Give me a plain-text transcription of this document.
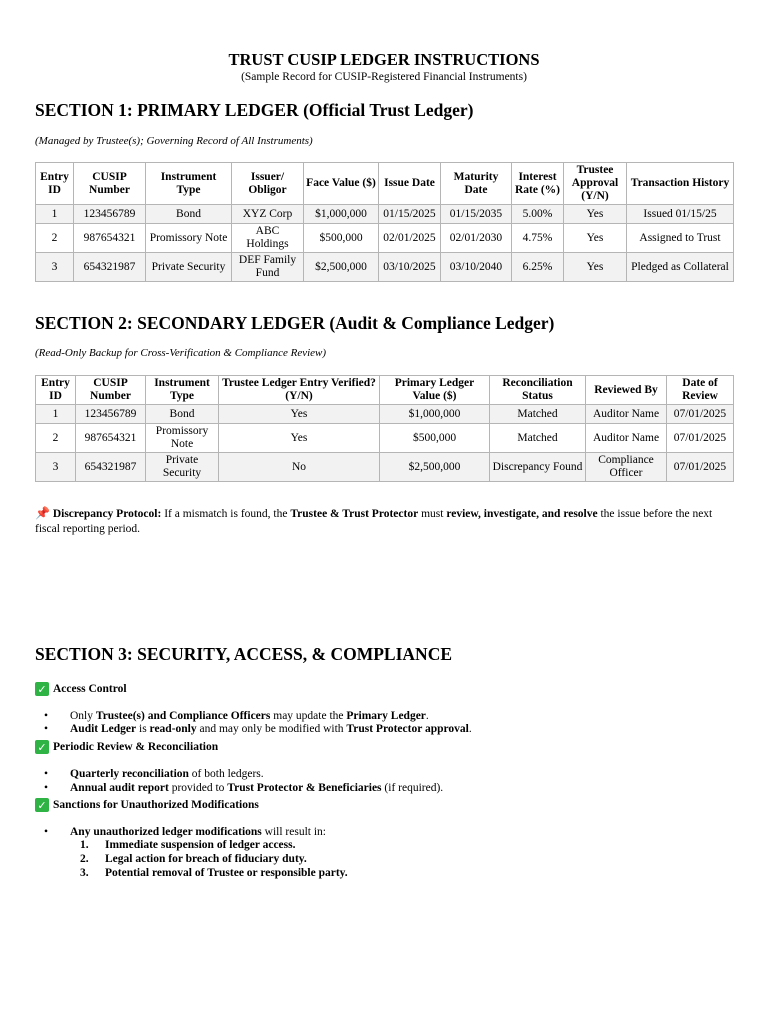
TRUST CUSIP LEDGER INSTRUCTIONS
(Sample Record for CUSIP-Registered Financial Instruments)
SECTION 1: PRIMARY LEDGER (Official Trust Ledger)
(Managed by Trustee(s); Governing Record of All Instruments)
Entry ID	CUSIP Number	Instrument Type	Issuer/ Obligor	Face Value ($)	Issue Date	Maturity Date	Interest Rate (%)	Trustee Approval (Y/N)	Transaction History
1	123456789	Bond	XYZ Corp	$1,000,000	01/15/2025	01/15/2035	5.00%	Yes	Issued 01/15/25
2	987654321	Promissory Note	ABC Holdings	$500,000	02/01/2025	02/01/2030	4.75%	Yes	Assigned to Trust
3	654321987	Private Security	DEF Family Fund	$2,500,000	03/10/2025	03/10/2040	6.25%	Yes	Pledged as Collateral
SECTION 2: SECONDARY LEDGER (Audit & Compliance Ledger)
(Read-Only Backup for Cross-Verification & Compliance Review)
Entry ID	CUSIP Number	Instrument Type	Trustee Ledger Entry Verified? (Y/N)	Primary Ledger Value ($)	Reconciliation Status	Reviewed By	Date of Review
1	123456789	Bond	Yes	$1,000,000	Matched	Auditor Name	07/01/2025
2	987654321	Promissory Note	Yes	$500,000	Matched	Auditor Name	07/01/2025
3	654321987	Private Security	No	$2,500,000	Discrepancy Found	Compliance Officer	07/01/2025
📌 Discrepancy Protocol: If a mismatch is found, the Trustee & Trust Protector must review, investigate, and resolve the issue before the next fiscal reporting period.
SECTION 3: SECURITY, ACCESS, & COMPLIANCE
✓ Access Control
• Only Trustee(s) and Compliance Officers may update the Primary Ledger.
• Audit Ledger is read-only and may only be modified with Trust Protector approval.
✓ Periodic Review & Reconciliation
• Quarterly reconciliation of both ledgers.
• Annual audit report provided to Trust Protector & Beneficiaries (if required).
✓ Sanctions for Unauthorized Modifications
• Any unauthorized ledger modifications will result in:
1. Immediate suspension of ledger access.
2. Legal action for breach of fiduciary duty.
3. Potential removal of Trustee or responsible party.
